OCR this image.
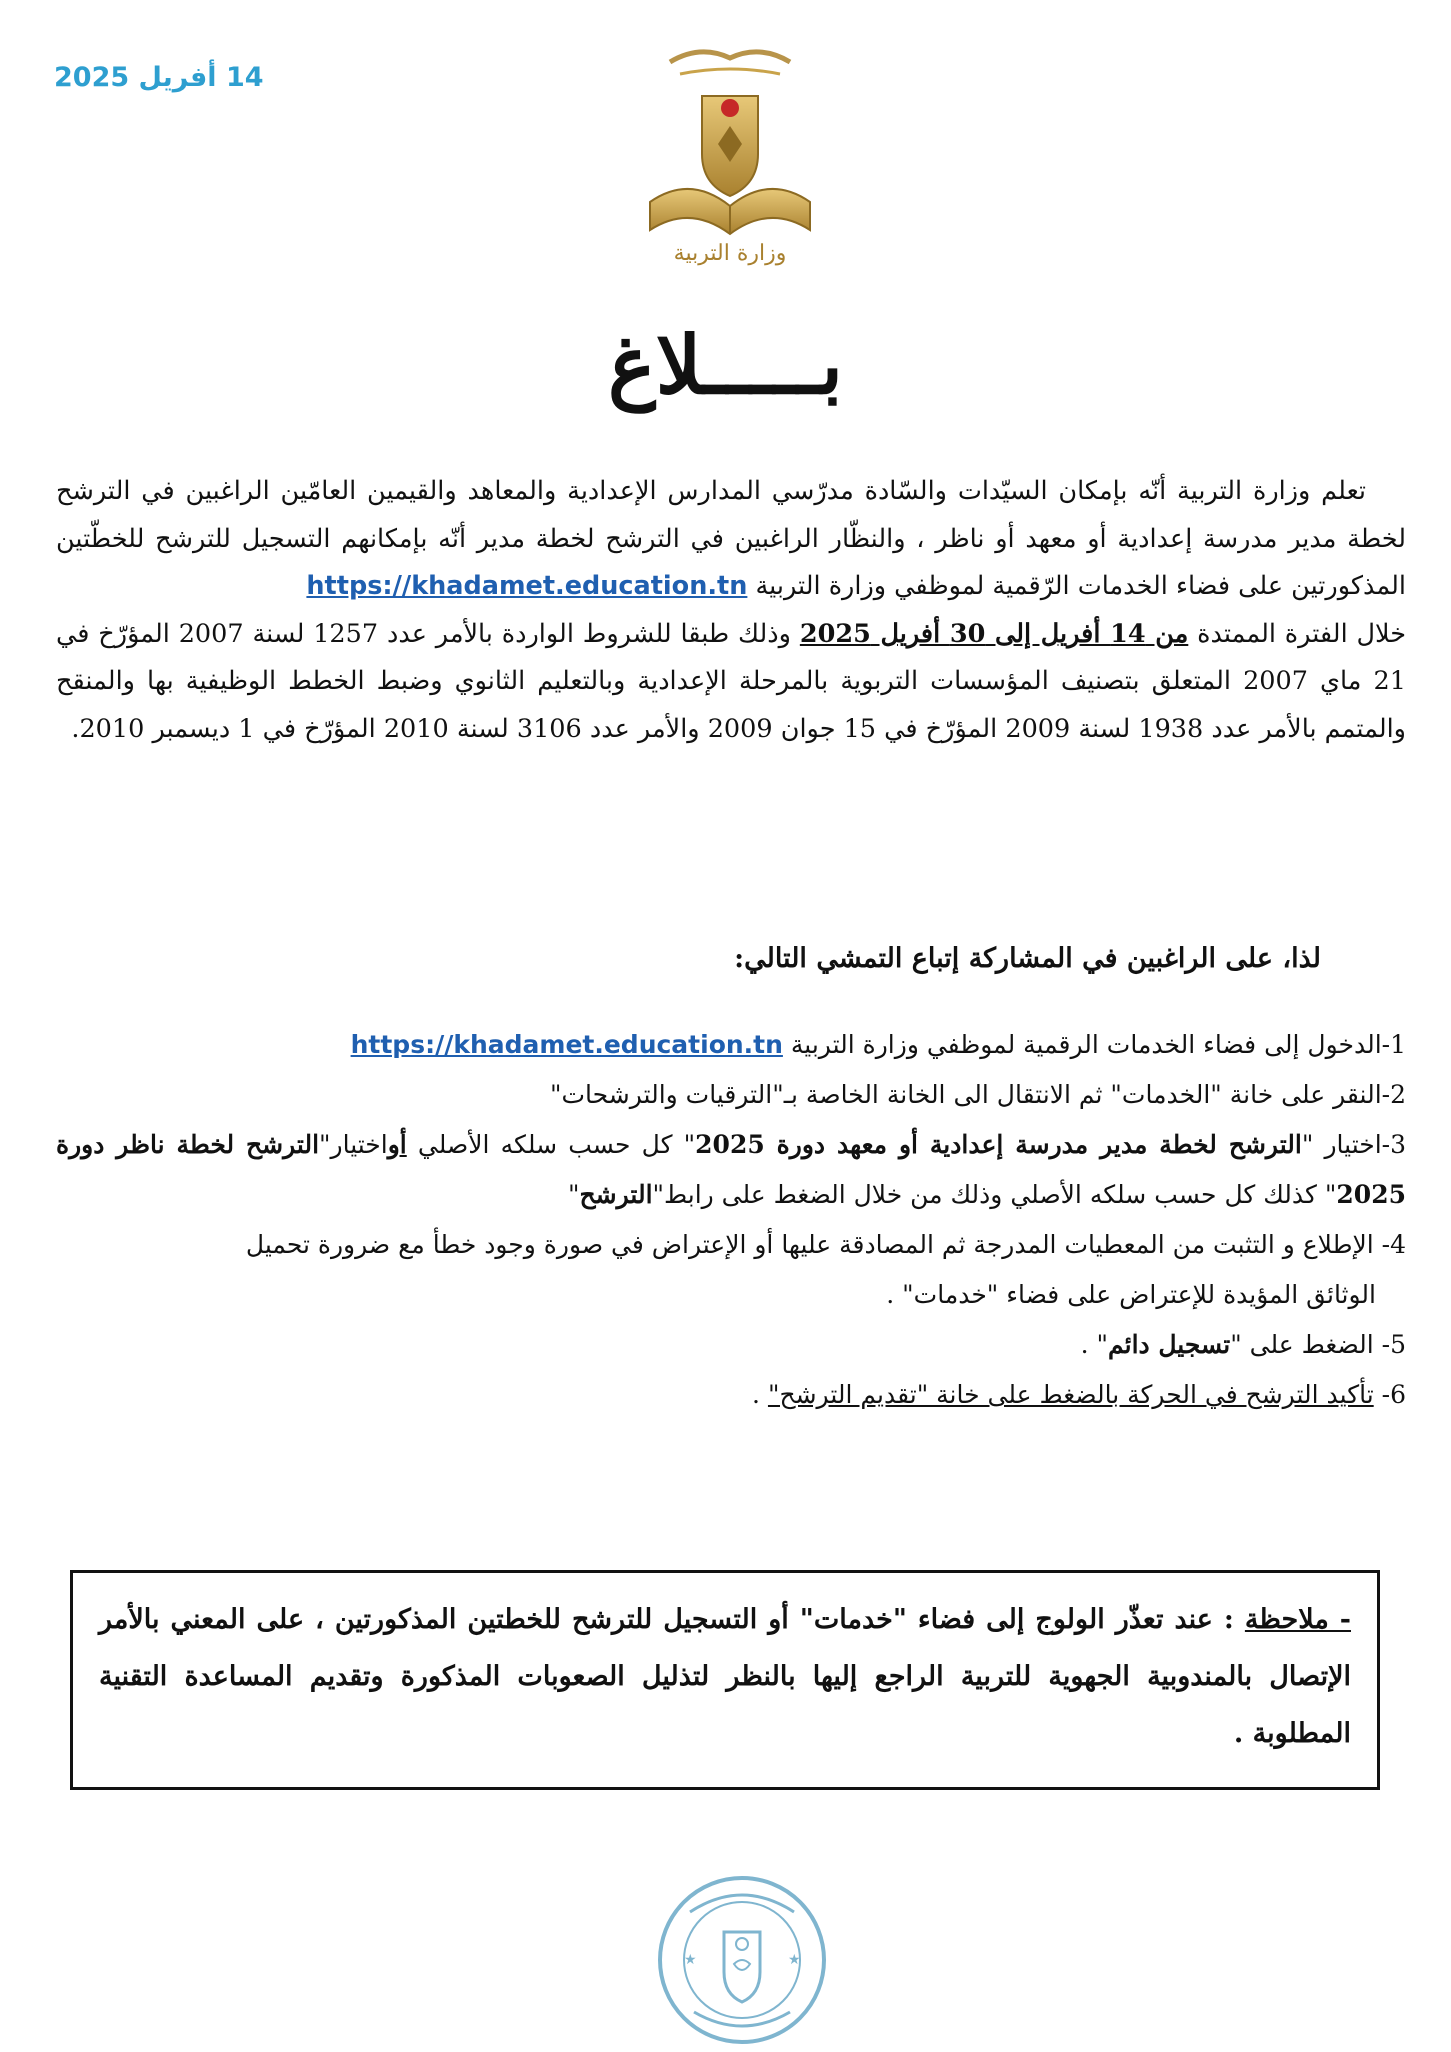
14 أفريل 2025
وزارة التربية
بـــــلاغ
تعلم وزارة التربية أنّه بإمكان السيّدات والسّادة مدرّسي المدارس الإعدادية والمعاهد والقيمين العامّين الراغبين في الترشح لخطة مدير مدرسة إعدادية أو معهد أو ناظر ، والنظّار الراغبين في الترشح لخطة مدير أنّه بإمكانهم التسجيل للترشح للخطّتين المذكورتين على فضاء الخدمات الرّقمية لموظفي وزارة التربية https://khadamet.education.tn
خلال الفترة الممتدة من 14 أفريل إلى 30 أفريل 2025 وذلك طبقا للشروط الواردة بالأمر عدد 1257 لسنة 2007 المؤرّخ في 21 ماي 2007 المتعلق بتصنيف المؤسسات التربوية بالمرحلة الإعدادية وبالتعليم الثانوي وضبط الخطط الوظيفية بها والمنقح والمتمم بالأمر عدد 1938 لسنة 2009 المؤرّخ في 15 جوان 2009 والأمر عدد 3106 لسنة 2010 المؤرّخ في 1 ديسمبر 2010.
لذا، على الراغبين في المشاركة إتباع التمشي التالي:
1-الدخول إلى فضاء الخدمات الرقمية لموظفي وزارة التربية https://khadamet.education.tn
2-النقر على خانة "الخدمات" ثم الانتقال الى الخانة الخاصة بـ"الترقيات والترشحات"
3-اختيار "الترشح لخطة مدير مدرسة إعدادية أو معهد دورة 2025" كل حسب سلكه الأصلي أواختيار"الترشح لخطة ناظر دورة 2025" كذلك كل حسب سلكه الأصلي وذلك من خلال الضغط على رابط"الترشح"
4- الإطلاع و التثبت من المعطيات المدرجة ثم المصادقة عليها أو الإعتراض في صورة وجود خطأ مع ضرورة تحميل
الوثائق المؤيدة للإعتراض على فضاء "خدمات" .
5- الضغط على "تسجيل دائم" .
6- تأكيد الترشح في الحركة بالضغط على خانة "تقديم الترشح" .
- ملاحظة : عند تعذّر الولوج إلى فضاء "خدمات" أو التسجيل للترشح للخطتين المذكورتين ، على المعني بالأمر الإتصال بالمندوبية الجهوية للتربية الراجع إليها بالنظر لتذليل الصعوبات المذكورة وتقديم المساعدة التقنية المطلوبة .
★	★
